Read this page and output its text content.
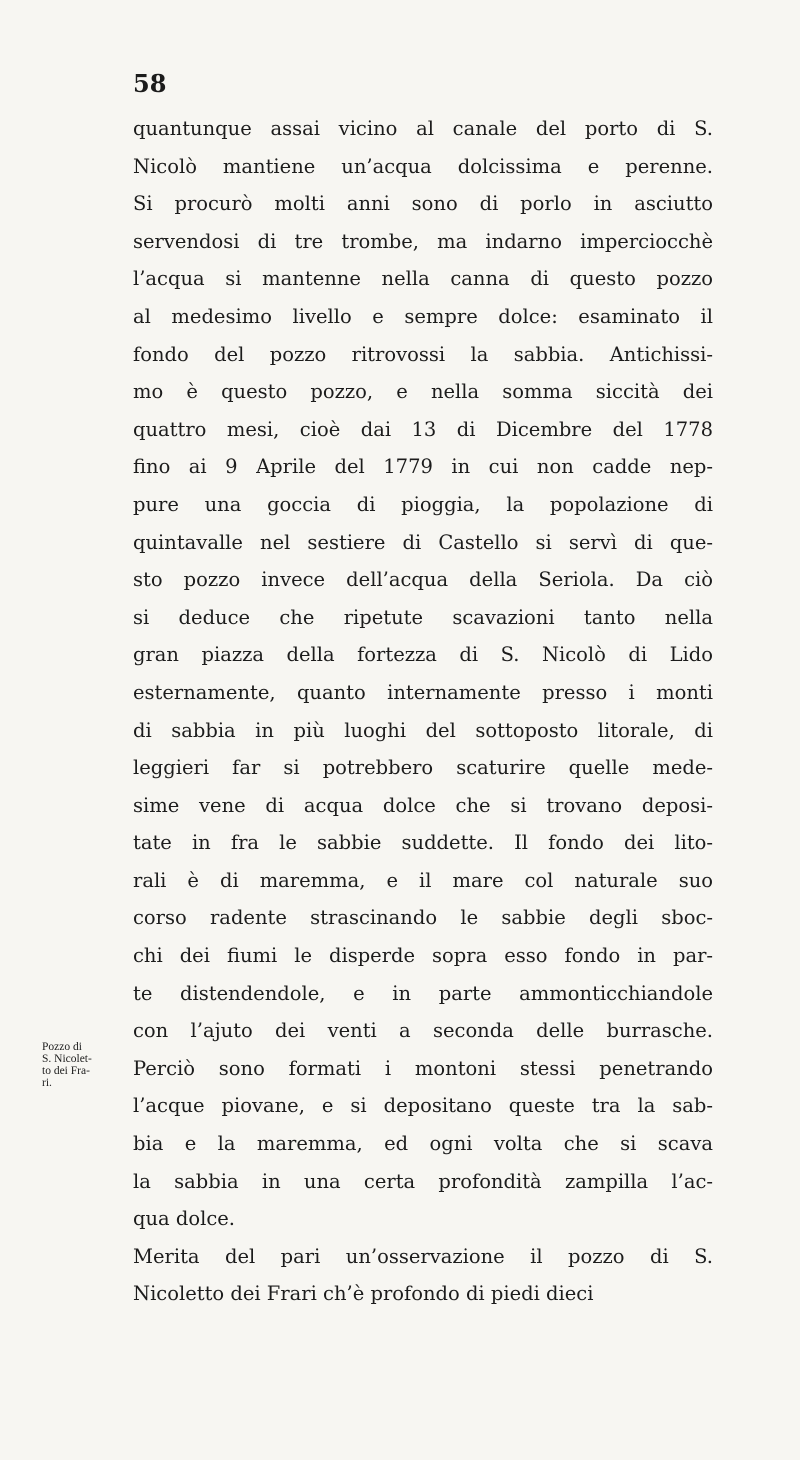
58
quantunque assai vicino al canale del porto di S.
Nicolò mantiene un’acqua dolcissima e perenne.
Si procurò molti anni sono di porlo in asciutto
servendosi di tre trombe, ma indarno imperciocchè
l’acqua si mantenne nella canna di questo pozzo
al medesimo livello e sempre dolce: esaminato il
fondo del pozzo ritrovossi la sabbia. Antichissi-
mo è questo pozzo, e nella somma siccità dei
quattro mesi, cioè dai 13 di Dicembre del 1778
fino ai 9 Aprile del 1779 in cui non cadde nep-
pure una goccia di pioggia, la popolazione di
quintavalle nel sestiere di Castello si servì di que-
sto pozzo invece dell’acqua della Seriola. Da ciò
si deduce che ripetute scavazioni tanto nella
gran piazza della fortezza di S. Nicolò di Lido
esternamente, quanto internamente presso i monti
di sabbia in più luoghi del sottoposto litorale, di
leggieri far si potrebbero scaturire quelle mede-
sime vene di acqua dolce che si trovano deposi-
tate in fra le sabbie suddette. Il fondo dei lito-
rali è di maremma, e il mare col naturale suo
corso radente strascinando le sabbie degli sboc-
chi dei fiumi le disperde sopra esso fondo in par-
te distendendole, e in parte ammonticchiandole
con l’ajuto dei venti a seconda delle burrasche.
Perciò sono formati i montoni stessi penetrando
l’acque piovane, e si depositano queste tra la sab-
bia e la maremma, ed ogni volta che si scava
la sabbia in una certa profondità zampilla l’ac-
qua dolce.
Merita del pari un’osservazione il pozzo di S.
Nicoletto dei Frari ch’è profondo di piedi dieci
Pozzo di
S. Nicolet-
to dei Fra-
ri.
